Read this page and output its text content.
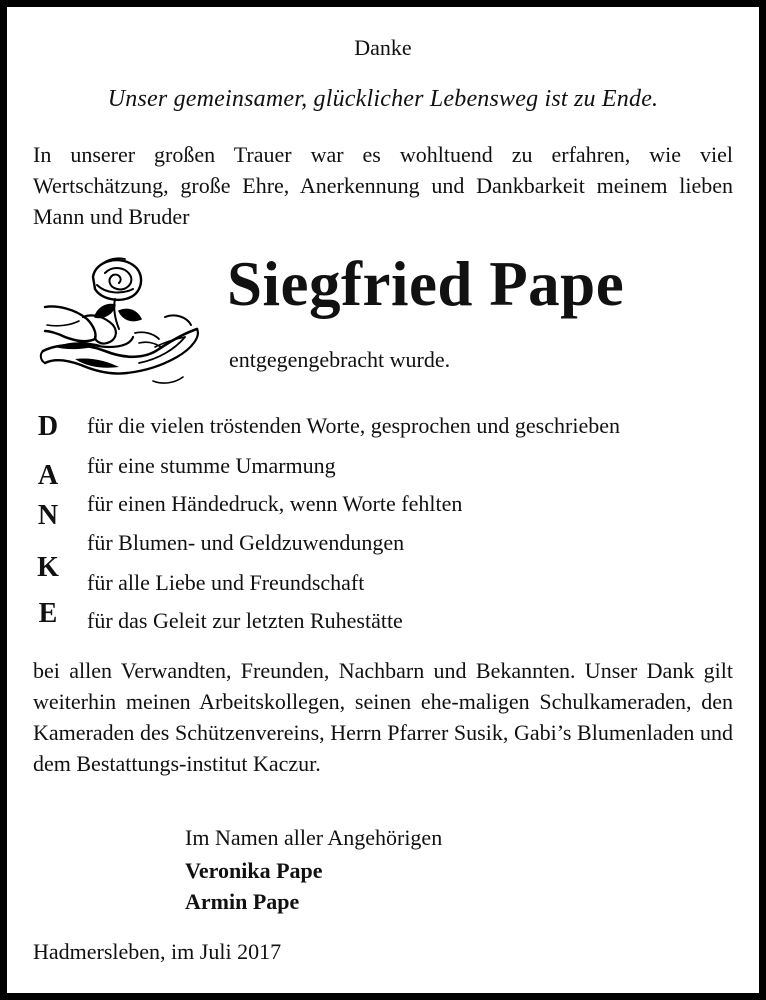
Danke

Unser gemeinsamer, glücklicher Lebensweg ist zu Ende.

In unserer großen Trauer war es wohltuend zu erfahren, wie viel Wertschätzung, große Ehre, Anerkennung und Dankbarkeit meinem lieben Mann und Bruder

Siegfried Pape

entgegengebracht wurde.

D
A
N
K
E
für die vielen tröstenden Worte, gesprochen und geschrieben
für eine stumme Umarmung
für einen Händedruck, wenn Worte fehlten
für Blumen- und Geldzuwendungen
für alle Liebe und Freundschaft
für das Geleit zur letzten Ruhestätte

bei allen Verwandten, Freunden, Nachbarn und Bekannten. Unser Dank gilt weiterhin meinen Arbeitskollegen, seinen ehe-maligen Schulkameraden, den Kameraden des Schützenvereins, Herrn Pfarrer Susik, Gabi’s Blumenladen und dem Bestattungs-institut Kaczur.

Im Namen aller Angehörigen

Veronika Pape
Armin Pape

Hadmersleben, im Juli 2017
